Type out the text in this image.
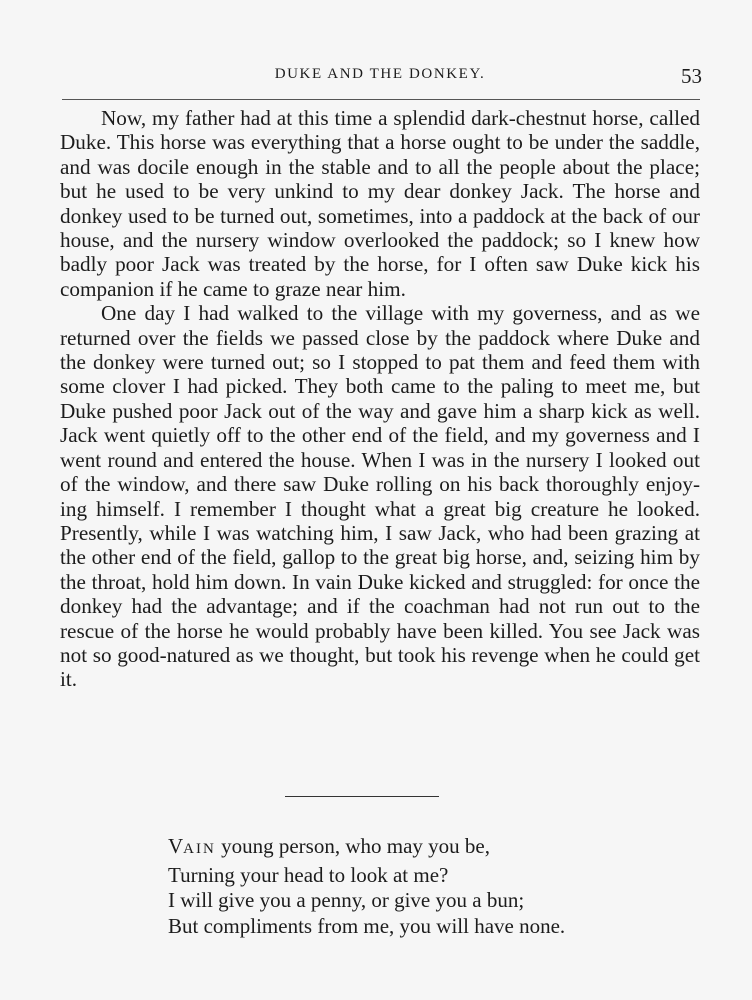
DUKE AND THE DONKEY.	53

Now, my father had at this time a splendid dark-chestnut horse, called Duke. This horse was everything that a horse ought to be under the saddle, and was docile enough in the stable and to all the people about the place; but he used to be very unkind to my dear donkey Jack. The horse and donkey used to be turned out, sometimes, into a paddock at the back of our house, and the nursery window overlooked the paddock; so I knew how badly poor Jack was treated by the horse, for I often saw Duke kick his companion if he came to graze near him.

One day I had walked to the village with my governess, and as we returned over the fields we passed close by the paddock where Duke and the donkey were turned out; so I stopped to pat them and feed them with some clover I had picked. They both came to the paling to meet me, but Duke pushed poor Jack out of the way and gave him a sharp kick as well. Jack went quietly off to the other end of the field, and my governess and I went round and entered the house. When I was in the nursery I looked out of the window, and there saw Duke rolling on his back thoroughly enjoying himself. I remember I thought what a great big creature he looked. Presently, while I was watching him, I saw Jack, who had been grazing at the other end of the field, gallop to the great big horse, and, seizing him by the throat, hold him down. In vain Duke kicked and struggled: for once the donkey had the advantage; and if the coachman had not run out to the rescue of the horse he would probably have been killed. You see Jack was not so good-natured as we thought, but took his revenge when he could get it.

VAIN young person, who may you be,
Turning your head to look at me?
I will give you a penny, or give you a bun;
But compliments from me, you will have none.
